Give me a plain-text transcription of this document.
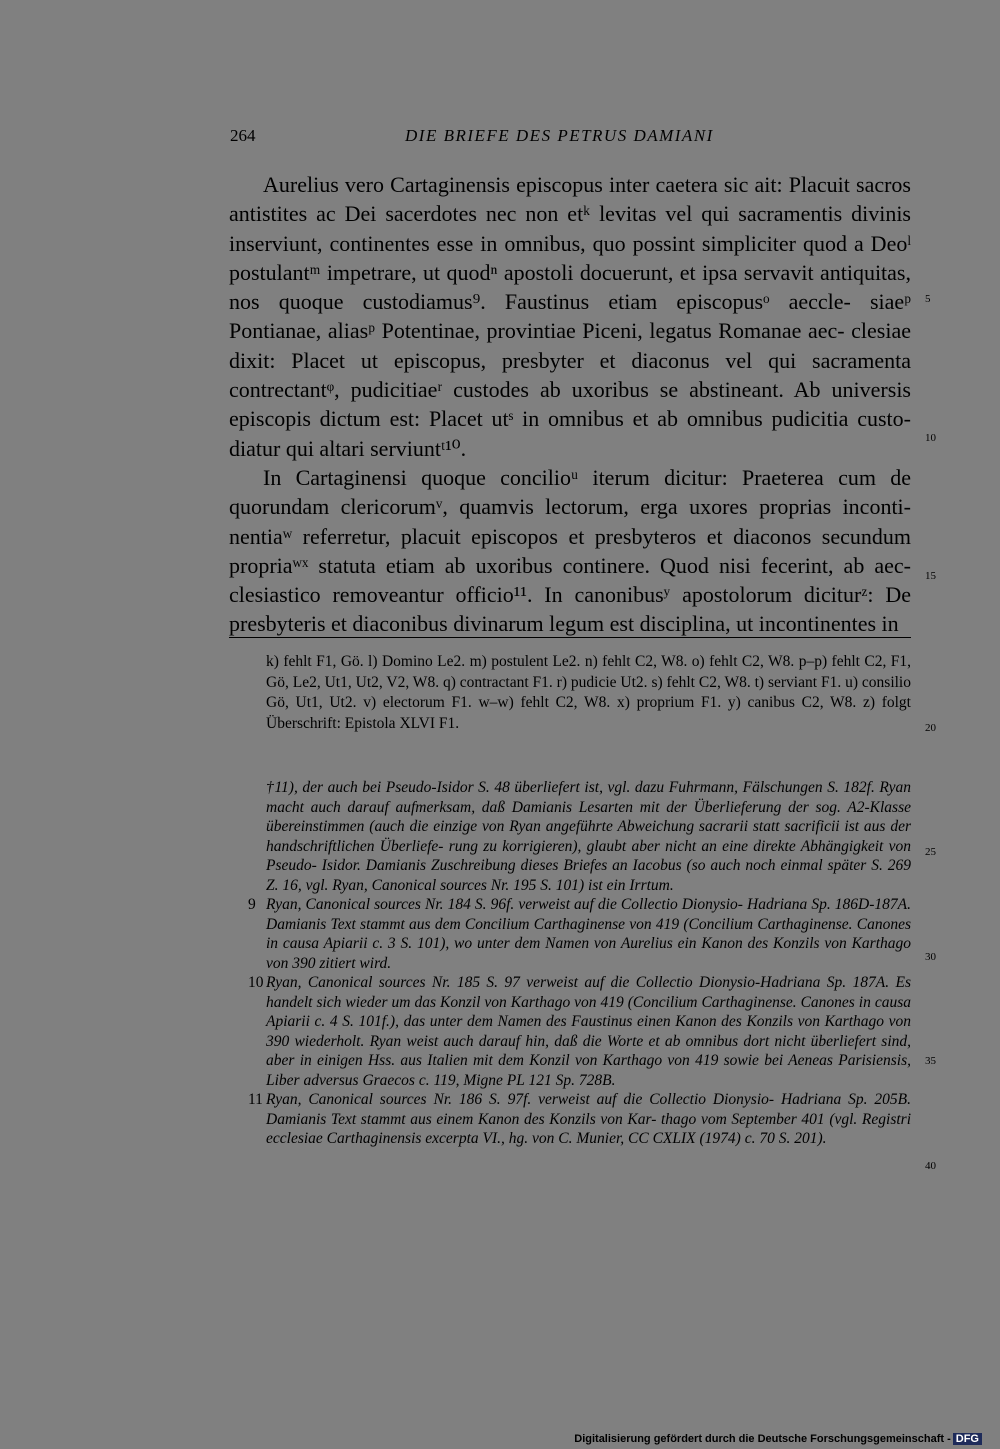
264	DIE BRIEFE DES PETRUS DAMIANI

Aurelius vero Cartaginensis episcopus inter caetera sic ait: Placuit sacros antistites ac Dei sacerdotes nec non etᵏ levitas vel qui sacramentis divinis inserviunt, continentes esse in omnibus, quo possint simpliciter quod a Deoˡ postulantᵐ impetrare, ut quodⁿ apostoli docuerunt, et ipsa servavit antiquitas, nos quoque custodiamus⁹. Faustinus etiam episcopusᵒ aeccle- siaeᵖ Pontianae, aliasᵖ Potentinae, provintiae Piceni, legatus Romanae aec- clesiae dixit: Placet ut episcopus, presbyter et diaconus vel qui sacramenta contrectantᵠ, pudicitiaeʳ custodes ab uxoribus se abstineant. Ab universis episcopis dictum est: Placet utˢ in omnibus et ab omnibus pudicitia custo- diatur qui altari serviuntᵗ¹⁰.

In Cartaginensi quoque concilioᵘ iterum dicitur: Praeterea cum de quorundam clericorumᵛ, quamvis lectorum, erga uxores proprias inconti- nentiaʷ referretur, placuit episcopos et presbyteros et diaconos secundum propriaʷˣ statuta etiam ab uxoribus continere. Quod nisi fecerint, ab aec- clesiastico removeantur officio¹¹. In canonibusʸ apostolorum diciturᶻ: De presbyteris et diaconibus divinarum legum est disciplina, ut incontinentes in

5
10
15
20
25
30
35
40
k) fehlt F1, Gö. l) Domino Le2. m) postulent Le2. n) fehlt C2, W8. o) fehlt C2, W8. p–p) fehlt C2, F1, Gö, Le2, Ut1, Ut2, V2, W8. q) contractant F1. r) pudicie Ut2. s) fehlt C2, W8. t) serviant F1. u) consilio Gö, Ut1, Ut2. v) electorum F1. w–w) fehlt C2, W8. x) proprium F1. y) canibus C2, W8. z) folgt Überschrift: Epistola XLVI F1.
†11), der auch bei Pseudo-Isidor S. 48 überliefert ist, vgl. dazu Fuhrmann, Fälschungen S. 182f. Ryan macht auch darauf aufmerksam, daß Damianis Lesarten mit der Überlieferung der sog. A2-Klasse übereinstimmen (auch die einzige von Ryan angeführte Abweichung sacrarii statt sacrificii ist aus der handschriftlichen Überliefe- rung zu korrigieren), glaubt aber nicht an eine direkte Abhängigkeit von Pseudo- Isidor. Damianis Zuschreibung dieses Briefes an Iacobus (so auch noch einmal später S. 269 Z. 16, vgl. Ryan, Canonical sources Nr. 195 S. 101) ist ein Irrtum.
9 Ryan, Canonical sources Nr. 184 S. 96f. verweist auf die Collectio Dionysio- Hadriana Sp. 186D-187A. Damianis Text stammt aus dem Concilium Carthaginense von 419 (Concilium Carthaginense. Canones in causa Apiarii c. 3 S. 101), wo unter dem Namen von Aurelius ein Kanon des Konzils von Karthago von 390 zitiert wird.
10 Ryan, Canonical sources Nr. 185 S. 97 verweist auf die Collectio Dionysio-Hadriana Sp. 187A. Es handelt sich wieder um das Konzil von Karthago von 419 (Concilium Carthaginense. Canones in causa Apiarii c. 4 S. 101f.), das unter dem Namen des Faustinus einen Kanon des Konzils von Karthago von 390 wiederholt. Ryan weist auch darauf hin, daß die Worte et ab omnibus dort nicht überliefert sind, aber in einigen Hss. aus Italien mit dem Konzil von Karthago von 419 sowie bei Aeneas Parisiensis, Liber adversus Graecos c. 119, Migne PL 121 Sp. 728B.
11 Ryan, Canonical sources Nr. 186 S. 97f. verweist auf die Collectio Dionysio- Hadriana Sp. 205B. Damianis Text stammt aus einem Kanon des Konzils von Kar- thago vom September 401 (vgl. Registri ecclesiae Carthaginensis excerpta VI., hg. von C. Munier, CC CXLIX (1974) c. 70 S. 201).
Digitalisierung gefördert durch die Deutsche Forschungsgemeinschaft - DFG
